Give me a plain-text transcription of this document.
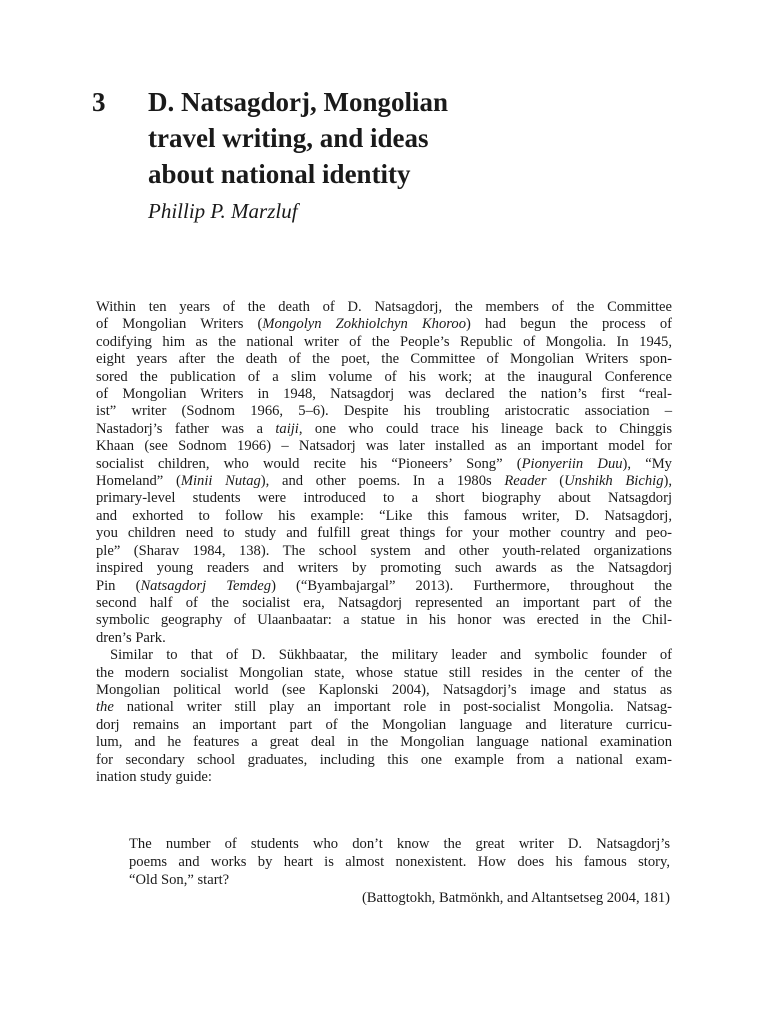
3 D. Natsagdorj, Mongolian
travel writing, and ideas
about national identity

Phillip P. Marzluf

Within ten years of the death of D. Natsagdorj, the members of the Committee
of Mongolian Writers (Mongolyn Zokhiolchyn Khoroo) had begun the process of
codifying him as the national writer of the People’s Republic of Mongolia. In 1945,
eight years after the death of the poet, the Committee of Mongolian Writers spon-
sored the publication of a slim volume of his work; at the inaugural Conference
of Mongolian Writers in 1948, Natsagdorj was declared the nation’s first “real-
ist” writer (Sodnom 1966, 5–6). Despite his troubling aristocratic association –
Nastadorj’s father was a taiji, one who could trace his lineage back to Chinggis
Khaan (see Sodnom 1966) – Natsadorj was later installed as an important model for
socialist children, who would recite his “Pioneers’ Song” (Pionyeriin Duu), “My
Homeland” (Minii Nutag), and other poems. In a 1980s Reader (Unshikh Bichig),
primary-level students were introduced to a short biography about Natsagdorj
and exhorted to follow his example: “Like this famous writer, D. Natsagdorj,
you children need to study and fulfill great things for your mother country and peo-
ple” (Sharav 1984, 138). The school system and other youth-related organizations
inspired young readers and writers by promoting such awards as the Natsagdorj
Pin (Natsagdorj Temdeg) (“Byambajargal” 2013). Furthermore, throughout the
second half of the socialist era, Natsagdorj represented an important part of the
symbolic geography of Ulaanbaatar: a statue in his honor was erected in the Chil-
dren’s Park.

Similar to that of D. Sükhbaatar, the military leader and symbolic founder of
the modern socialist Mongolian state, whose statue still resides in the center of the
Mongolian political world (see Kaplonski 2004), Natsagdorj’s image and status as
the national writer still play an important role in post-socialist Mongolia. Natsag-
dorj remains an important part of the Mongolian language and literature curricu-
lum, and he features a great deal in the Mongolian language national examination
for secondary school graduates, including this one example from a national exam-
ination study guide:

The number of students who don’t know the great writer D. Natsagdorj’s
poems and works by heart is almost nonexistent. How does his famous story,
“Old Son,” start?
(Battogtokh, Batmönkh, and Altantsetseg 2004, 181)
